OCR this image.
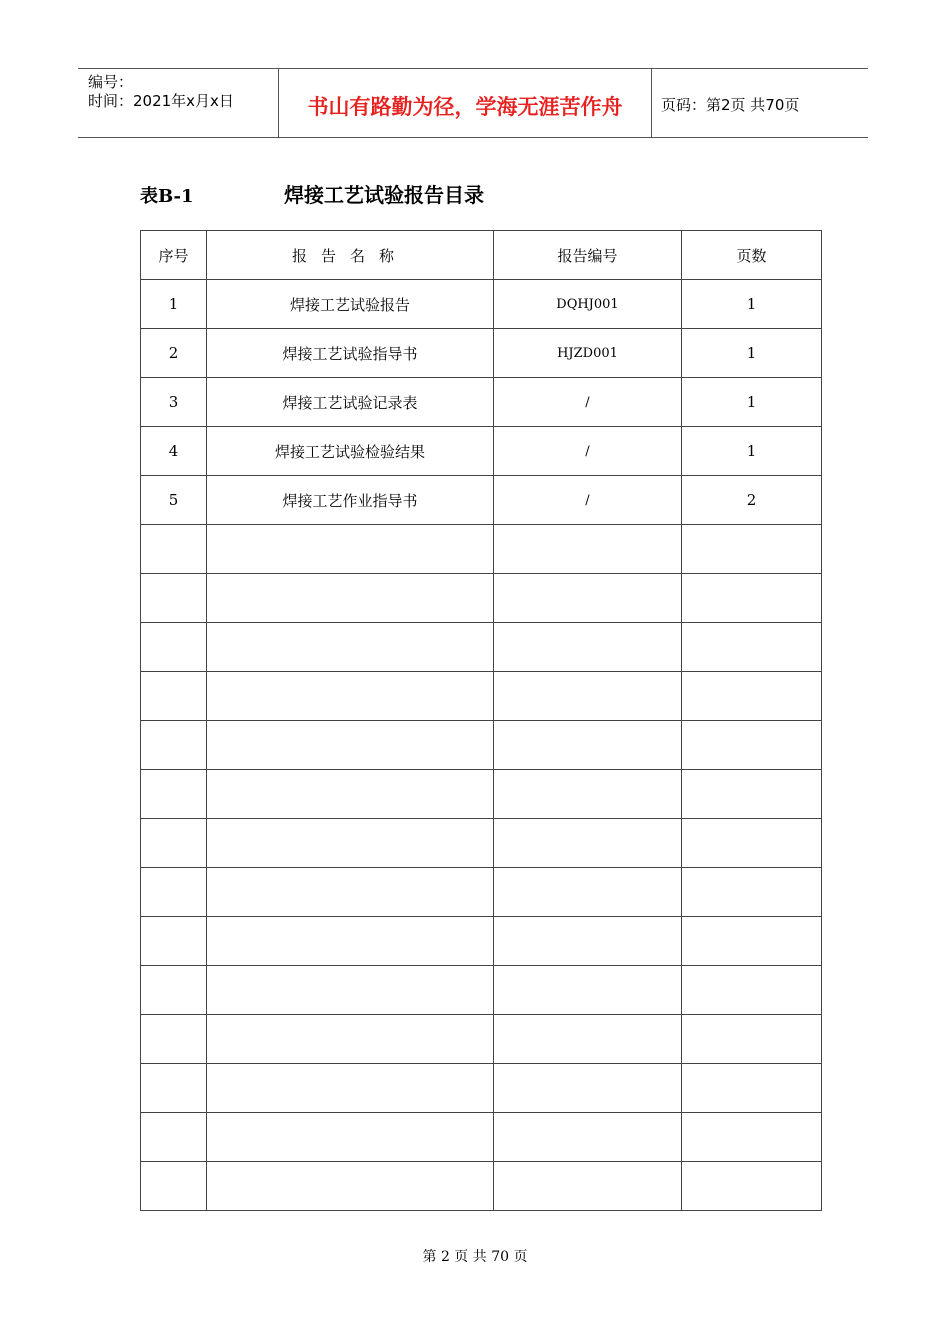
编号：
时间：2021年x月x日	书山有路勤为径，学海无涯苦作舟	页码：第2页 共70页
表B-1	焊接工艺试验报告目录
序号	报告名称	报告编号	页数
1	焊接工艺试验报告	DQHJ001	1
2	焊接工艺试验指导书	HJZD001	1
3	焊接工艺试验记录表	/	1
4	焊接工艺试验检验结果	/	1
5	焊接工艺作业指导书	/	2

第 2 页 共 70 页
